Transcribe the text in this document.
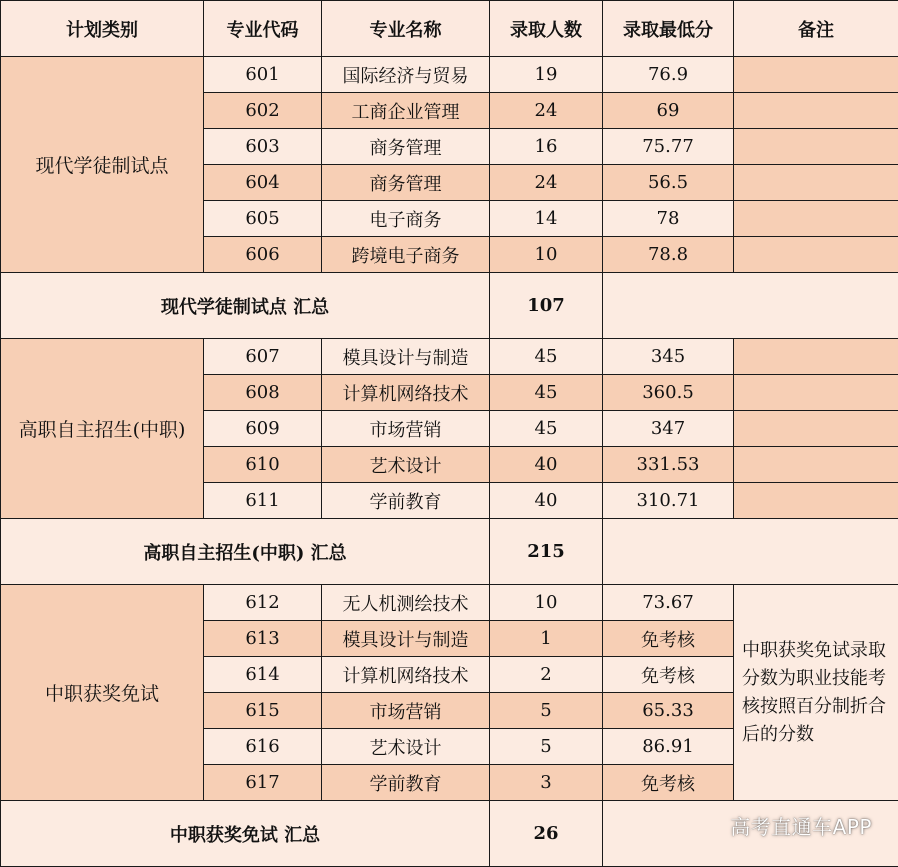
计划类别	专业代码	专业名称	录取人数	录取最低分	备注
现代学徒制试点	601	国际经济与贸易	19	76.9	
	602	工商企业管理	24	69	
	603	商务管理	16	75.77	
	604	商务管理	24	56.5	
	605	电子商务	14	78	
	606	跨境电子商务	10	78.8	
现代学徒制试点 汇总			107		
高职自主招生(中职)	607	模具设计与制造	45	345	
	608	计算机网络技术	45	360.5	
	609	市场营销	45	347	
	610	艺术设计	40	331.53	
	611	学前教育	40	310.71	
高职自主招生(中职) 汇总			215		
中职获奖免试	612	无人机测绘技术	10	73.67	中职获奖免试录取分数为职业技能考核按照百分制折合后的分数
	613	模具设计与制造	1	免考核	
	614	计算机网络技术	2	免考核	
	615	市场营销	5	65.33	
	616	艺术设计	5	86.91	
	617	学前教育	3	免考核	
中职获奖免试 汇总			26			高考直通车APP
